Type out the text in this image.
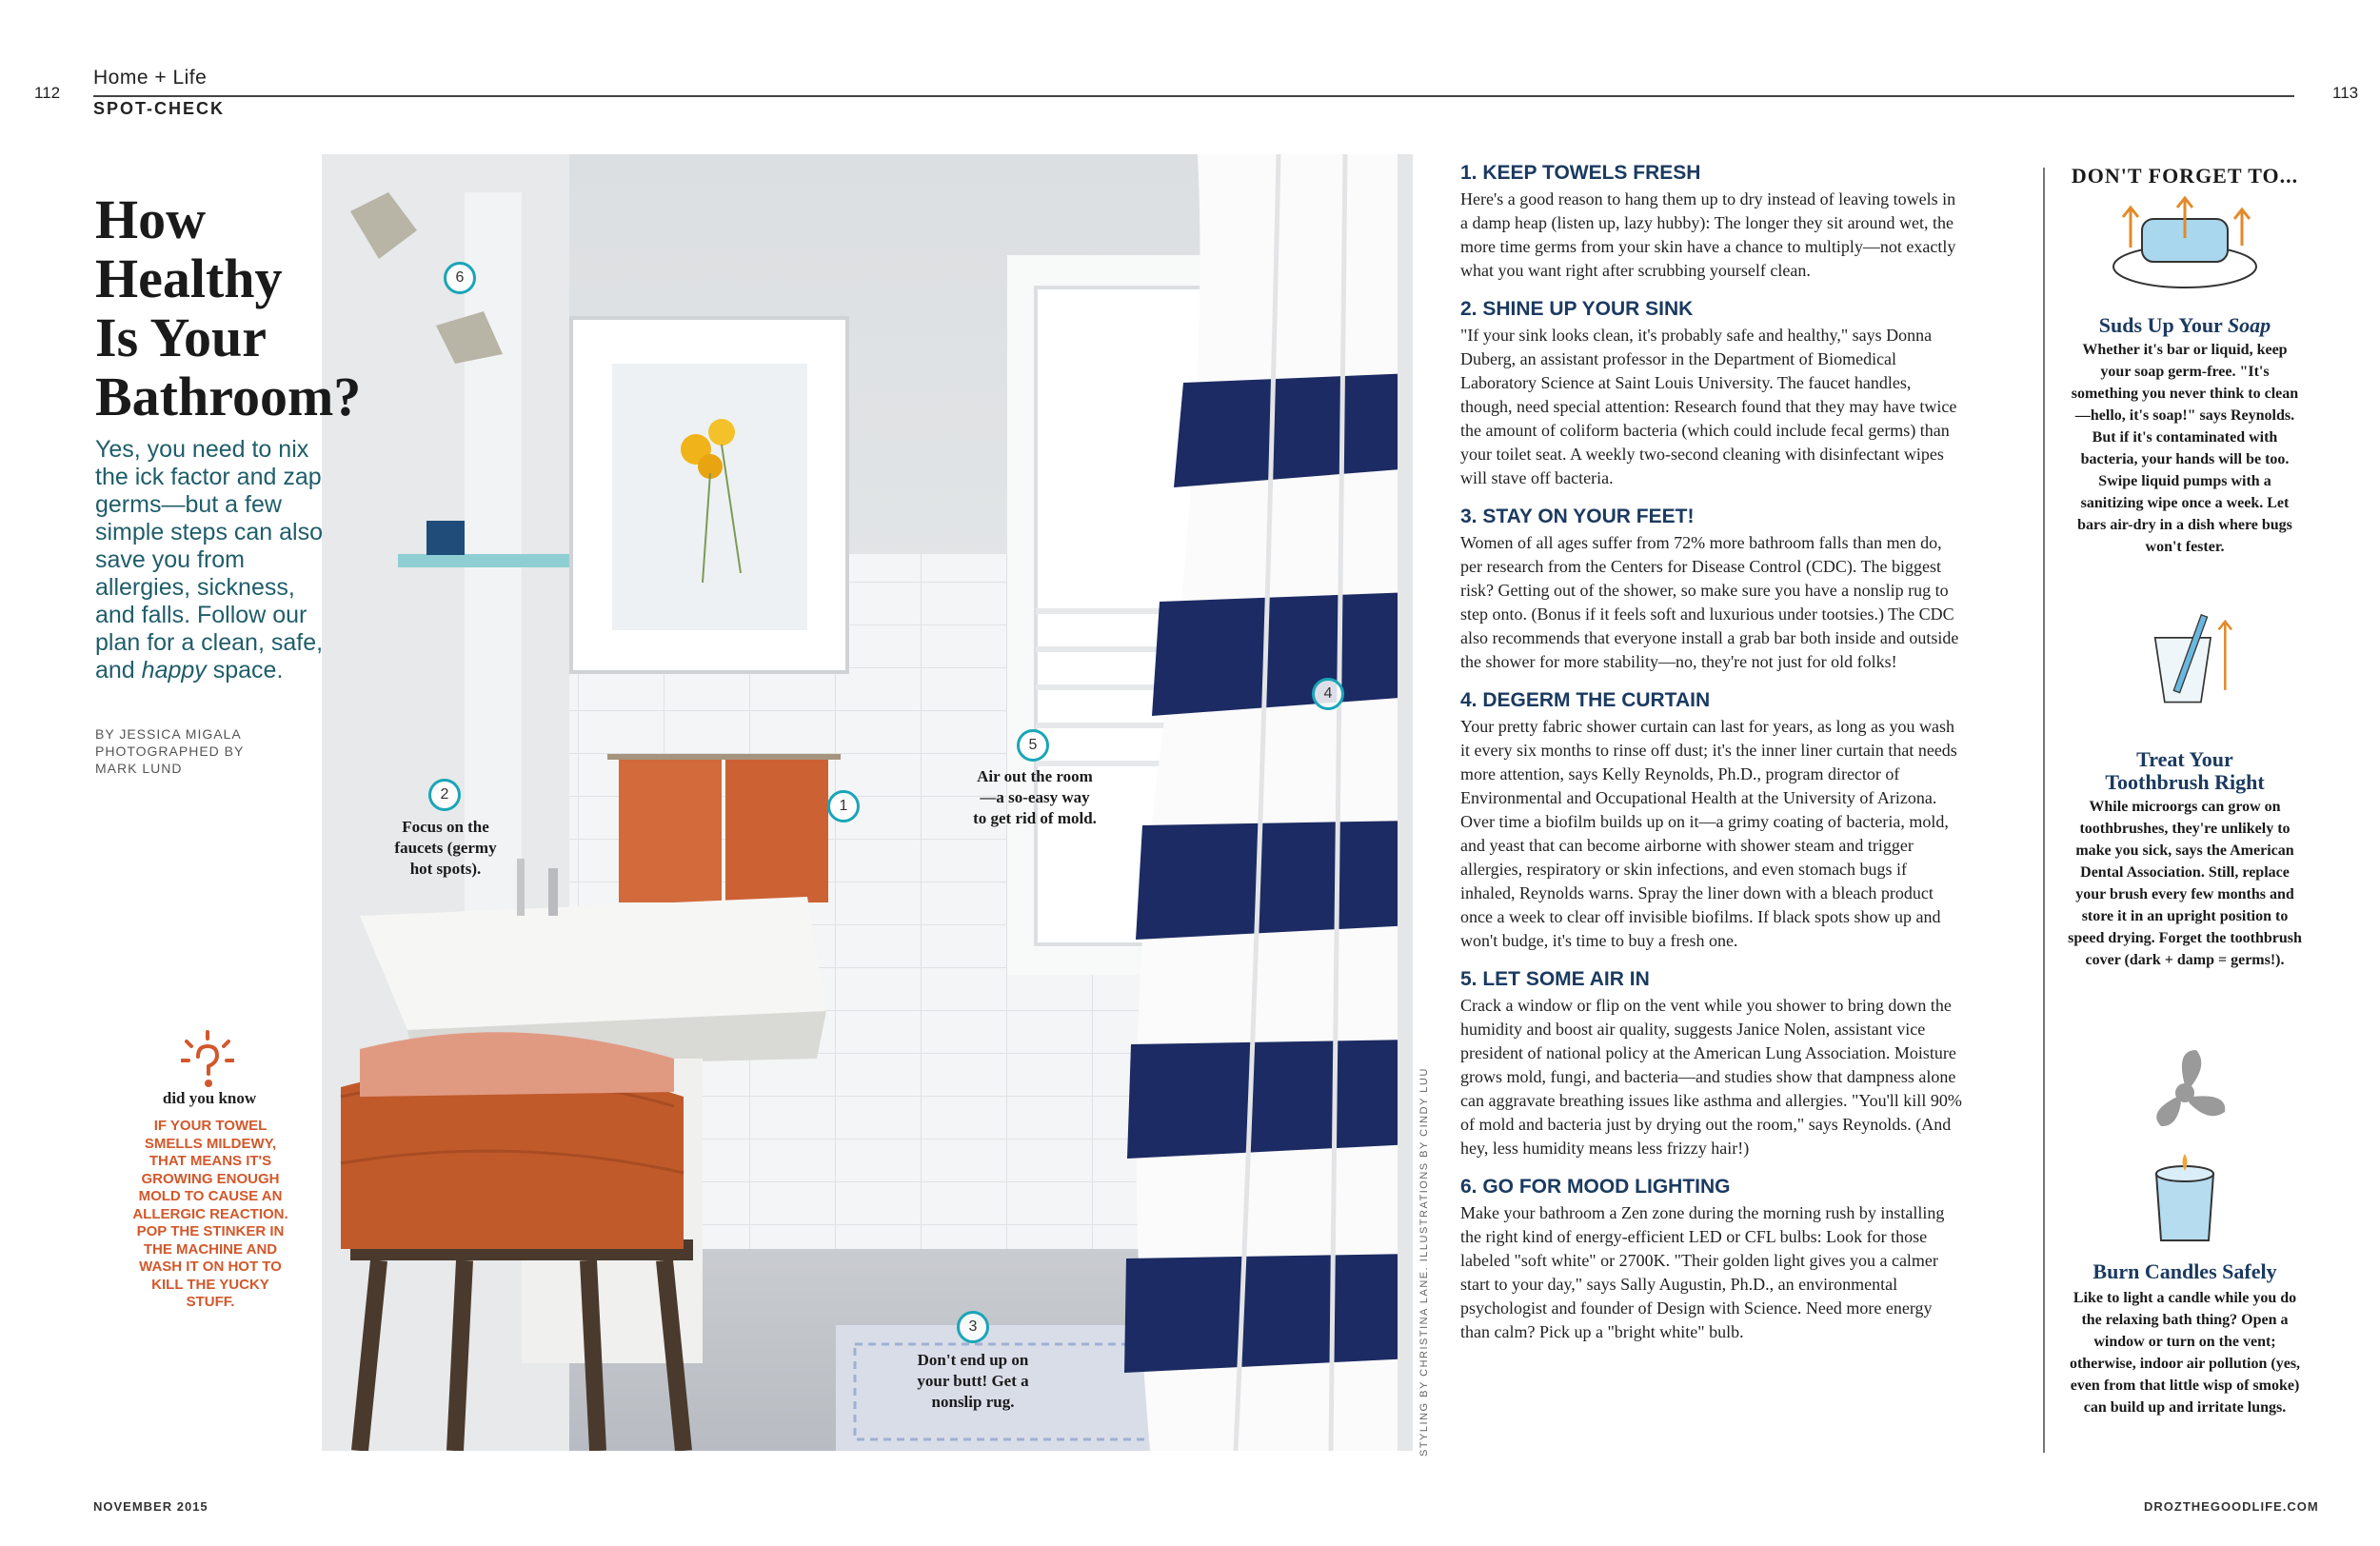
112	113
Home + Life
SPOT-CHECK
STYLING BY CHRISTINA LANE. ILLUSTRATIONS BY CINDY LUU
6
2
1
5
4
3
Focus on the faucets (germy hot spots).
Air out the room—a so-easy way to get rid of mold.
Don't end up on your butt! Get a nonslip rug.
How
Healthy
Is Your
Bathroom?
Yes, you need to nix the ick factor and zap germs—but a few simple steps can also save you from allergies, sickness, and falls. Follow our plan for a clean, safe, and happy space.
BY JESSICA MIGALA
PHOTOGRAPHED BY
MARK LUND
did you know
IF YOUR TOWEL SMELLS MILDEWY, THAT MEANS IT'S GROWING ENOUGH MOLD TO CAUSE AN ALLERGIC REACTION. POP THE STINKER IN THE MACHINE AND WASH IT ON HOT TO KILL THE YUCKY STUFF.
1. KEEP TOWELS FRESH

Here's a good reason to hang them up to dry instead of leaving towels in a damp heap (listen up, lazy hubby): The longer they sit around wet, the more time germs from your skin have a chance to multiply—not exactly what you want right after scrubbing yourself clean.

2. SHINE UP YOUR SINK

"If your sink looks clean, it's probably safe and healthy," says Donna Duberg, an assistant professor in the Department of Biomedical Laboratory Science at Saint Louis University. The faucet handles, though, need special attention: Research found that they may have twice the amount of coliform bacteria (which could include fecal germs) than your toilet seat. A weekly two-second cleaning with disinfectant wipes will stave off bacteria.

3. STAY ON YOUR FEET!

Women of all ages suffer from 72% more bathroom falls than men do, per research from the Centers for Disease Control (CDC). The biggest risk? Getting out of the shower, so make sure you have a nonslip rug to step onto. (Bonus if it feels soft and luxurious under tootsies.) The CDC also recommends that everyone install a grab bar both inside and outside the shower for more stability—no, they're not just for old folks!

4. DEGERM THE CURTAIN

Your pretty fabric shower curtain can last for years, as long as you wash it every six months to rinse off dust; it's the inner liner curtain that needs more attention, says Kelly Reynolds, Ph.D., program director of Environmental and Occupational Health at the University of Arizona. Over time a biofilm builds up on it—a grimy coating of bacteria, mold, and yeast that can become airborne with shower steam and trigger allergies, respiratory or skin infections, and even stomach bugs if inhaled, Reynolds warns. Spray the liner down with a bleach product once a week to clear off invisible biofilms. If black spots show up and won't budge, it's time to buy a fresh one.

5. LET SOME AIR IN

Crack a window or flip on the vent while you shower to bring down the humidity and boost air quality, suggests Janice Nolen, assistant vice president of national policy at the American Lung Association. Moisture grows mold, fungi, and bacteria—and studies show that dampness alone can aggravate breathing issues like asthma and allergies. "You'll kill 90% of mold and bacteria just by drying out the room," says Reynolds. (And hey, less humidity means less frizzy hair!)

6. GO FOR MOOD LIGHTING

Make your bathroom a Zen zone during the morning rush by installing the right kind of energy-efficient LED or CFL bulbs: Look for those labeled "soft white" or 2700K. "Their golden light gives you a calmer start to your day," says Sally Augustin, Ph.D., an environmental psychologist and founder of Design with Science. Need more energy than calm? Pick up a "bright white" bulb.

DON'T FORGET TO...
Suds Up Your Soap
Whether it's bar or liquid, keep your soap germ-free. "It's something you never think to clean—hello, it's soap!" says Reynolds. But if it's contaminated with bacteria, your hands will be too. Swipe liquid pumps with a sanitizing wipe once a week. Let bars air-dry in a dish where bugs won't fester.
Treat Your
Toothbrush Right
While microorgs can grow on toothbrushes, they're unlikely to make you sick, says the American Dental Association. Still, replace your brush every few months and store it in an upright position to speed drying. Forget the toothbrush cover (dark + damp = germs!).
Burn Candles Safely
Like to light a candle while you do the relaxing bath thing? Open a window or turn on the vent; otherwise, indoor air pollution (yes, even from that little wisp of smoke) can build up and irritate lungs.
NOVEMBER 2015	DROZTHEGOODLIFE.COM
